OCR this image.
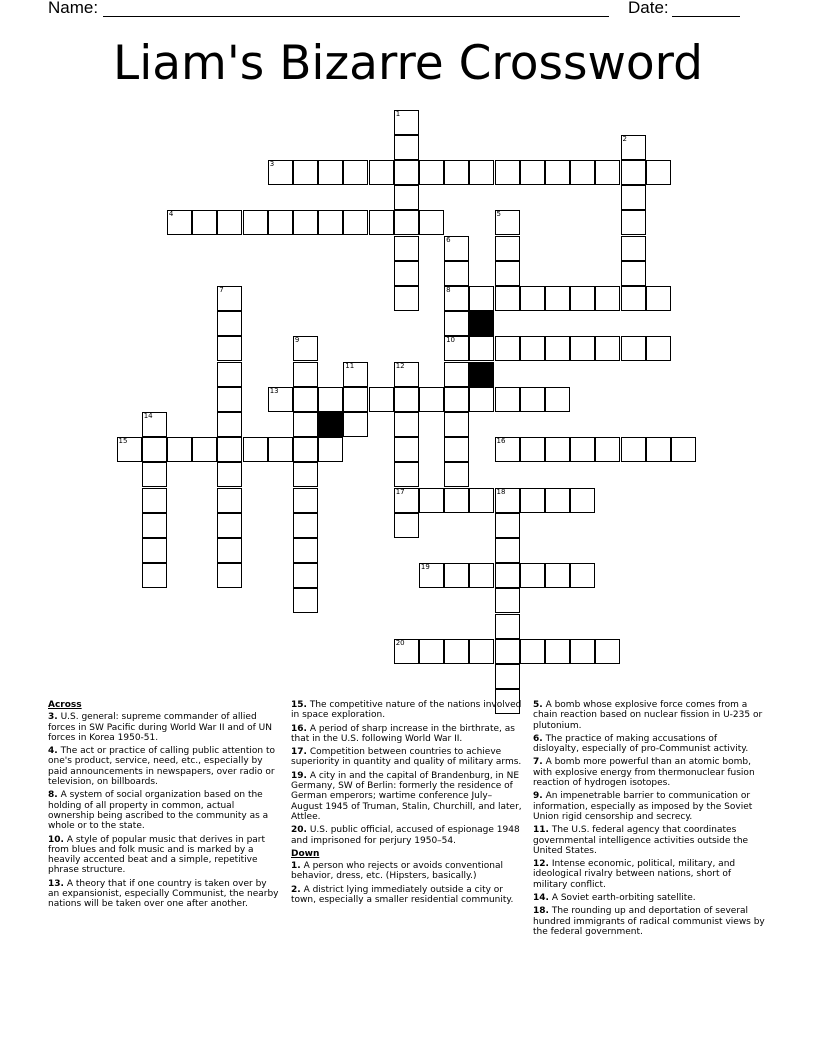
Name:	Date:
Liam's Bizarre Crossword
1
2
3
4	5
6
8
10
7
9
11	12
17
13
14
15	16
18
19
20
Across
3. U.S. general: supreme commander of allied forces in SW Pacific during World War II and of UN forces in Korea 1950-51.
4. The act or practice of calling public attention to one's product, service, need, etc., especially by paid announcements in newspapers, over radio or television, on billboards.
8. A system of social organization based on the holding of all property in common, actual ownership being ascribed to the community as a whole or to the state.
10. A style of popular music that derives in part from blues and folk music and is marked by a heavily accented beat and a simple, repetitive phrase structure.
13. A theory that if one country is taken over by an expansionist, especially Communist, the nearby nations will be taken over one after another.
15. The competitive nature of the nations involved in space exploration.
16. A period of sharp increase in the birthrate, as that in the U.S. following World War II.
17. Competition between countries to achieve superiority in quantity and quality of military arms.
19. A city in and the capital of Brandenburg, in NE Germany, SW of Berlin: formerly the residence of German emperors; wartime conference July–August 1945 of Truman, Stalin, Churchill, and later, Attlee.
20. U.S. public official, accused of espionage 1948 and imprisoned for perjury 1950–54.
Down
1. A person who rejects or avoids conventional behavior, dress, etc. (Hipsters, basically.)
2. A district lying immediately outside a city or town, especially a smaller residential community.
5. A bomb whose explosive force comes from a chain reaction based on nuclear fission in U-235 or plutonium.
6. The practice of making accusations of disloyalty, especially of pro-Communist activity.
7. A bomb more powerful than an atomic bomb, with explosive energy from thermonuclear fusion reaction of hydrogen isotopes.
9. An impenetrable barrier to communication or information, especially as imposed by the Soviet Union rigid censorship and secrecy.
11. The U.S. federal agency that coordinates governmental intelligence activities outside the United States.
12. Intense economic, political, military, and ideological rivalry between nations, short of military conflict.
14. A Soviet earth-orbiting satellite.
18. The rounding up and deportation of several hundred immigrants of radical communist views by the federal government.
